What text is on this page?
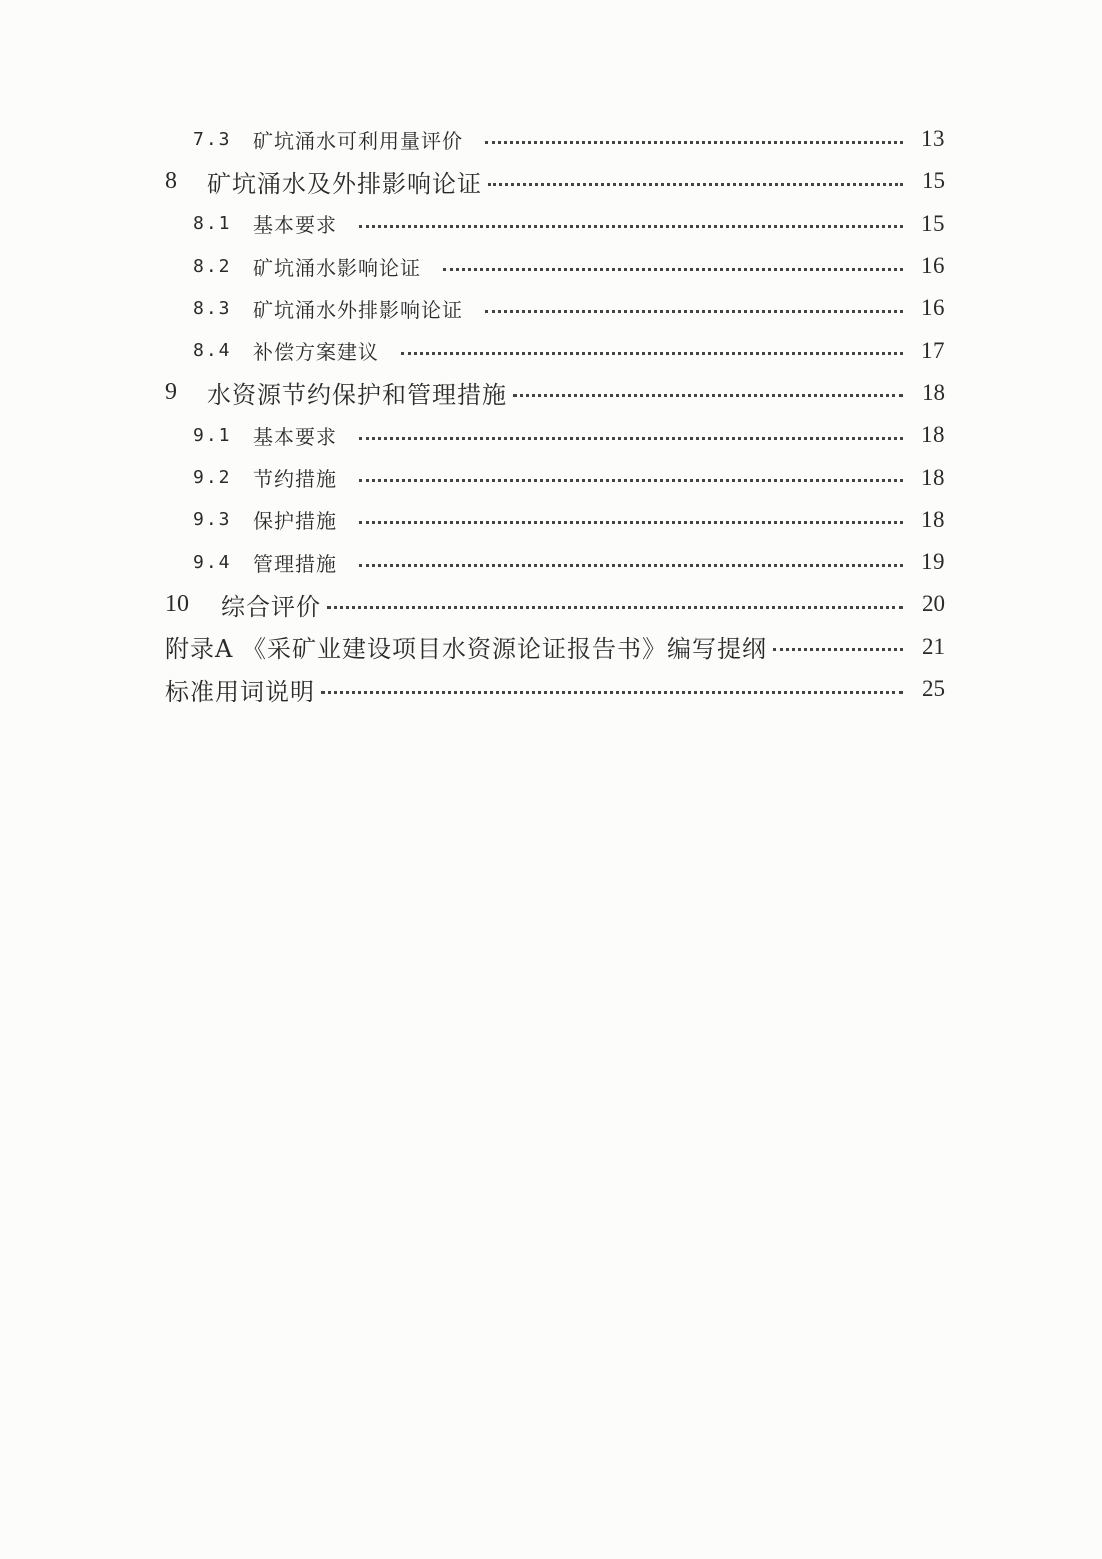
7.3	矿坑涌水可利用量评价	13
8	矿坑涌水及外排影响论证	15
8.1	基本要求	15
8.2	矿坑涌水影响论证	16
8.3	矿坑涌水外排影响论证	16
8.4	补偿方案建议	17
9	水资源节约保护和管理措施	18
9.1	基本要求	18
9.2	节约措施	18
9.3	保护措施	18
9.4	管理措施	19
10	综合评价	20
附录A 《采矿业建设项目水资源论证报告书》编写提纲	21
标准用词说明	25
